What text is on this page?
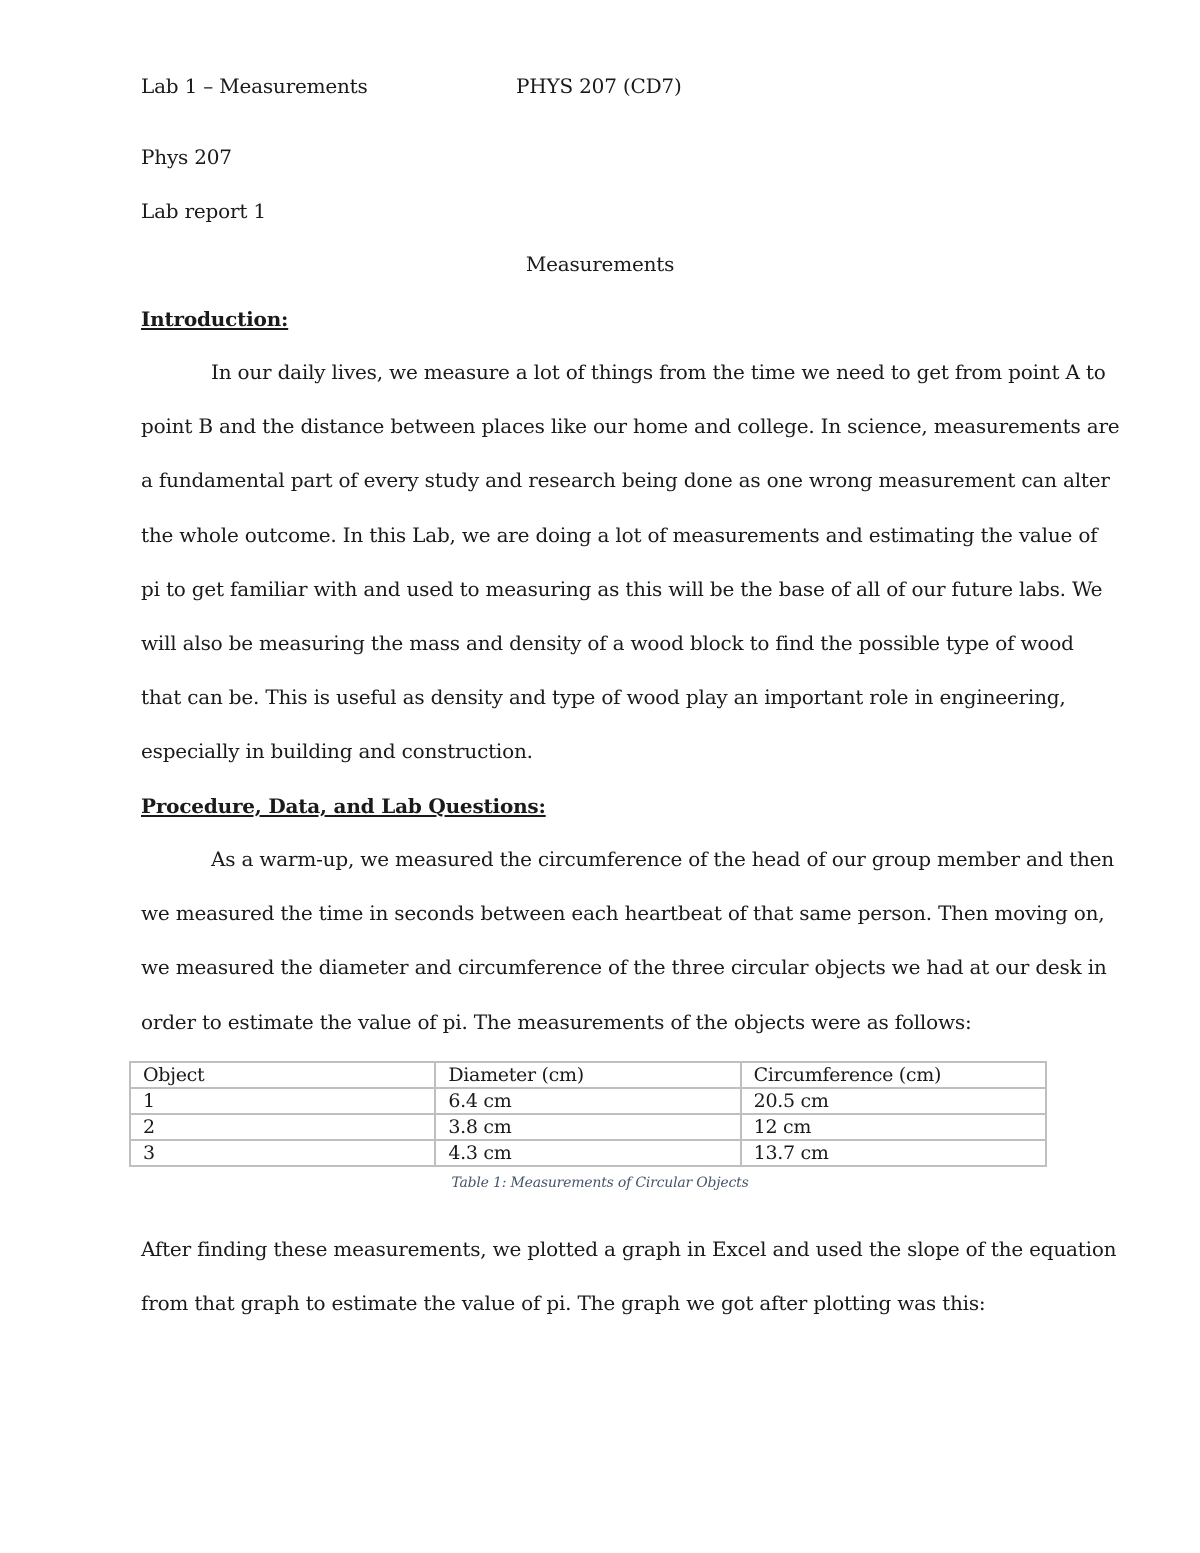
Lab 1 – Measurements	PHYS 207 (CD7)
Phys 207
Lab report 1
Measurements
Introduction:
In our daily lives, we measure a lot of things from the time we need to get from point A to
point B and the distance between places like our home and college. In science, measurements are
a fundamental part of every study and research being done as one wrong measurement can alter
the whole outcome. In this Lab, we are doing a lot of measurements and estimating the value of
pi to get familiar with and used to measuring as this will be the base of all of our future labs. We
will also be measuring the mass and density of a wood block to find the possible type of wood
that can be. This is useful as density and type of wood play an important role in engineering,
especially in building and construction.
Procedure, Data, and Lab Questions:
As a warm-up, we measured the circumference of the head of our group member and then
we measured the time in seconds between each heartbeat of that same person. Then moving on,
we measured the diameter and circumference of the three circular objects we had at our desk in
order to estimate the value of pi. The measurements of the objects were as follows:
Object	Diameter (cm)	Circumference (cm)
1	6.4 cm	20.5 cm
2	3.8 cm	12 cm
3	4.3 cm	13.7 cm
Table 1: Measurements of Circular Objects
After finding these measurements, we plotted a graph in Excel and used the slope of the equation
from that graph to estimate the value of pi. The graph we got after plotting was this:
